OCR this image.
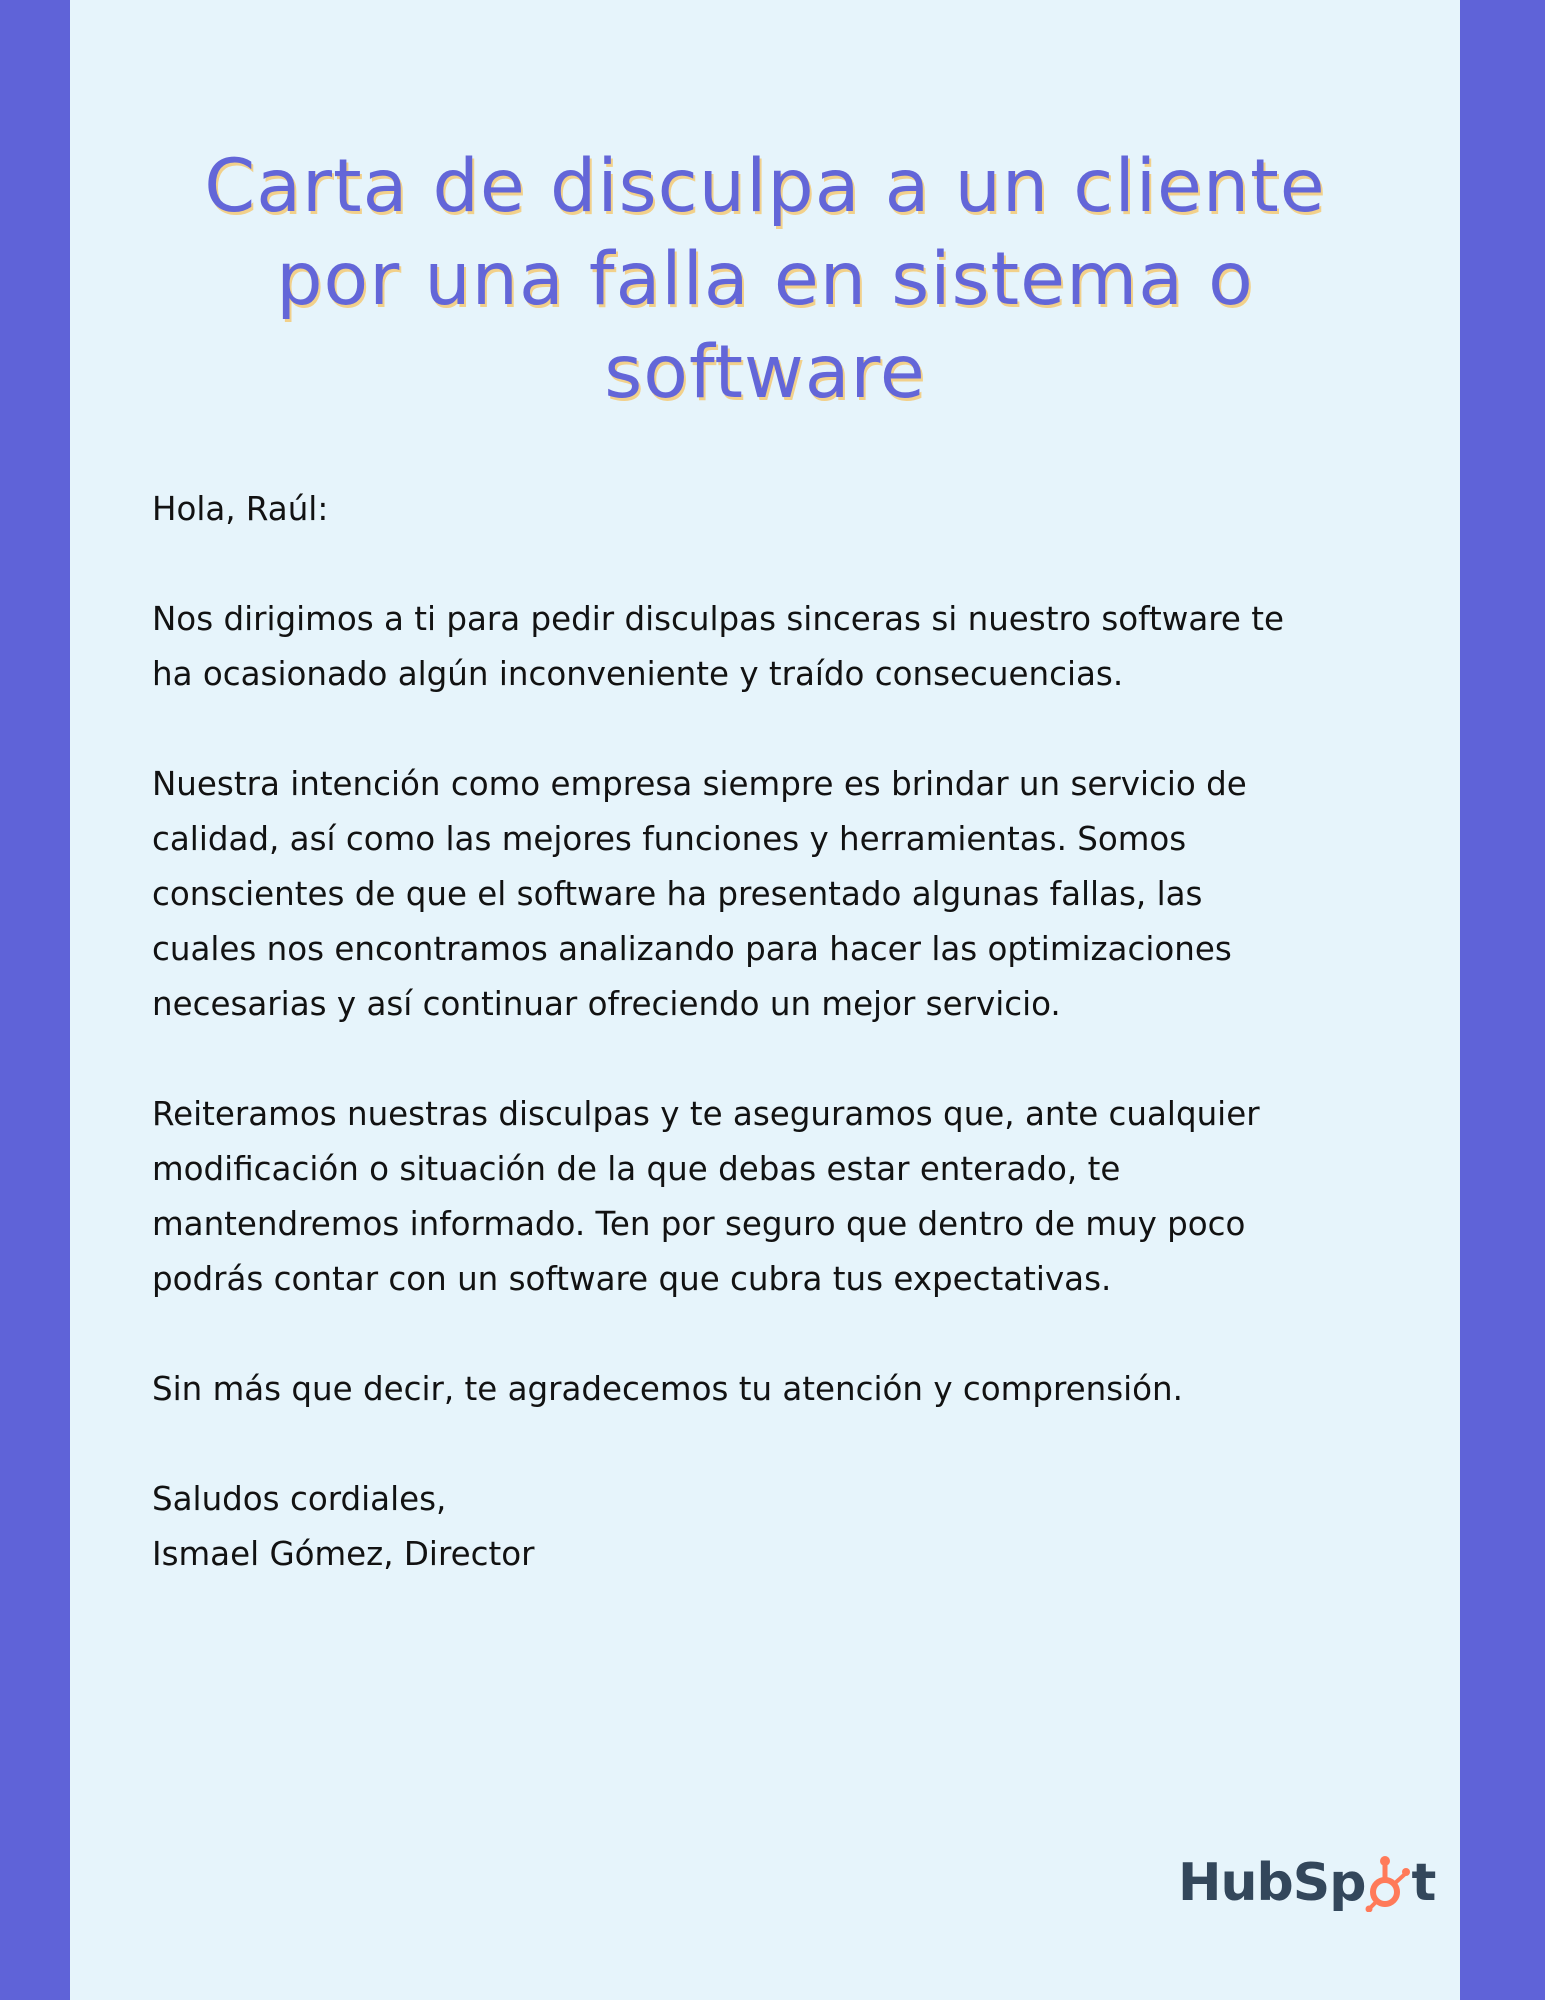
Carta de disculpa a un cliente
por una falla en sistema o
software

Hola, Raúl:

Nos dirigimos a ti para pedir disculpas sinceras si nuestro software te

ha ocasionado algún inconveniente y traído consecuencias.

Nuestra intención como empresa siempre es brindar un servicio de

calidad, así como las mejores funciones y herramientas. Somos

conscientes de que el software ha presentado algunas fallas, las

cuales nos encontramos analizando para hacer las optimizaciones

necesarias y así continuar ofreciendo un mejor servicio.

Reiteramos nuestras disculpas y te aseguramos que, ante cualquier

modificación o situación de la que debas estar enterado, te

mantendremos informado. Ten por seguro que dentro de muy poco

podrás contar con un software que cubra tus expectativas.

Sin más que decir, te agradecemos tu atención y comprensión.

Saludos cordiales,

Ismael Gómez, Director

HubSp t
